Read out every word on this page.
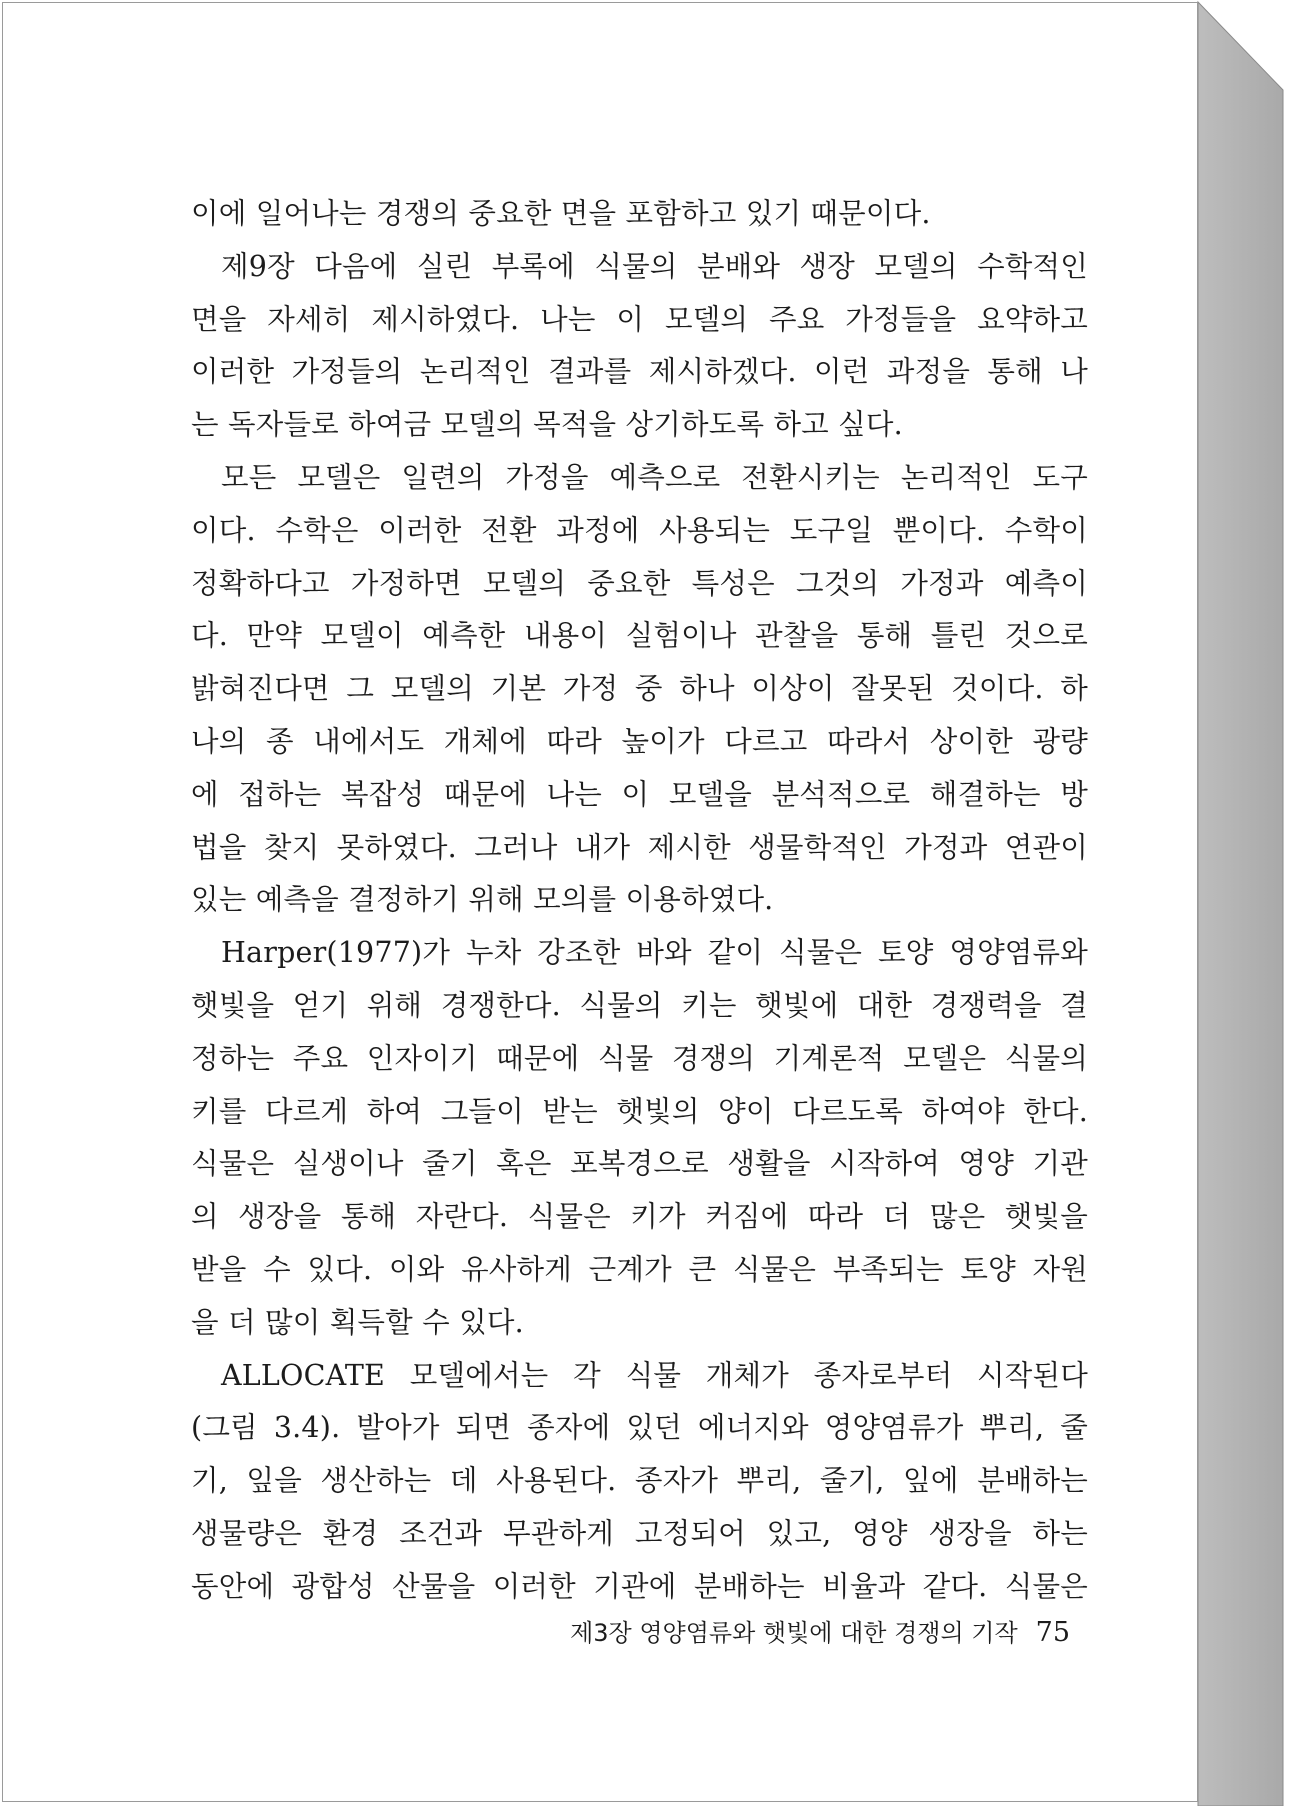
이에 일어나는 경쟁의 중요한 면을 포함하고 있기 때문이다.
제9장 다음에 실린 부록에 식물의 분배와 생장 모델의 수학적인
면을 자세히 제시하였다. 나는 이 모델의 주요 가정들을 요약하고
이러한 가정들의 논리적인 결과를 제시하겠다. 이런 과정을 통해 나
는 독자들로 하여금 모델의 목적을 상기하도록 하고 싶다.
모든 모델은 일련의 가정을 예측으로 전환시키는 논리적인 도구
이다. 수학은 이러한 전환 과정에 사용되는 도구일 뿐이다. 수학이
정확하다고 가정하면 모델의 중요한 특성은 그것의 가정과 예측이
다. 만약 모델이 예측한 내용이 실험이나 관찰을 통해 틀린 것으로
밝혀진다면 그 모델의 기본 가정 중 하나 이상이 잘못된 것이다. 하
나의 종 내에서도 개체에 따라 높이가 다르고 따라서 상이한 광량
에 접하는 복잡성 때문에 나는 이 모델을 분석적으로 해결하는 방
법을 찾지 못하였다. 그러나 내가 제시한 생물학적인 가정과 연관이
있는 예측을 결정하기 위해 모의를 이용하였다.
Harper(1977)가 누차 강조한 바와 같이 식물은 토양 영양염류와
햇빛을 얻기 위해 경쟁한다. 식물의 키는 햇빛에 대한 경쟁력을 결
정하는 주요 인자이기 때문에 식물 경쟁의 기계론적 모델은 식물의
키를 다르게 하여 그들이 받는 햇빛의 양이 다르도록 하여야 한다.
식물은 실생이나 줄기 혹은 포복경으로 생활을 시작하여 영양 기관
의 생장을 통해 자란다. 식물은 키가 커짐에 따라 더 많은 햇빛을
받을 수 있다. 이와 유사하게 근계가 큰 식물은 부족되는 토양 자원
을 더 많이 획득할 수 있다.
ALLOCATE 모델에서는 각 식물 개체가 종자로부터 시작된다
(그림 3.4). 발아가 되면 종자에 있던 에너지와 영양염류가 뿌리, 줄
기, 잎을 생산하는 데 사용된다. 종자가 뿌리, 줄기, 잎에 분배하는
생물량은 환경 조건과 무관하게 고정되어 있고, 영양 생장을 하는
동안에 광합성 산물을 이러한 기관에 분배하는 비율과 같다. 식물은
제3장 영양염류와 햇빛에 대한 경쟁의 기작 75
